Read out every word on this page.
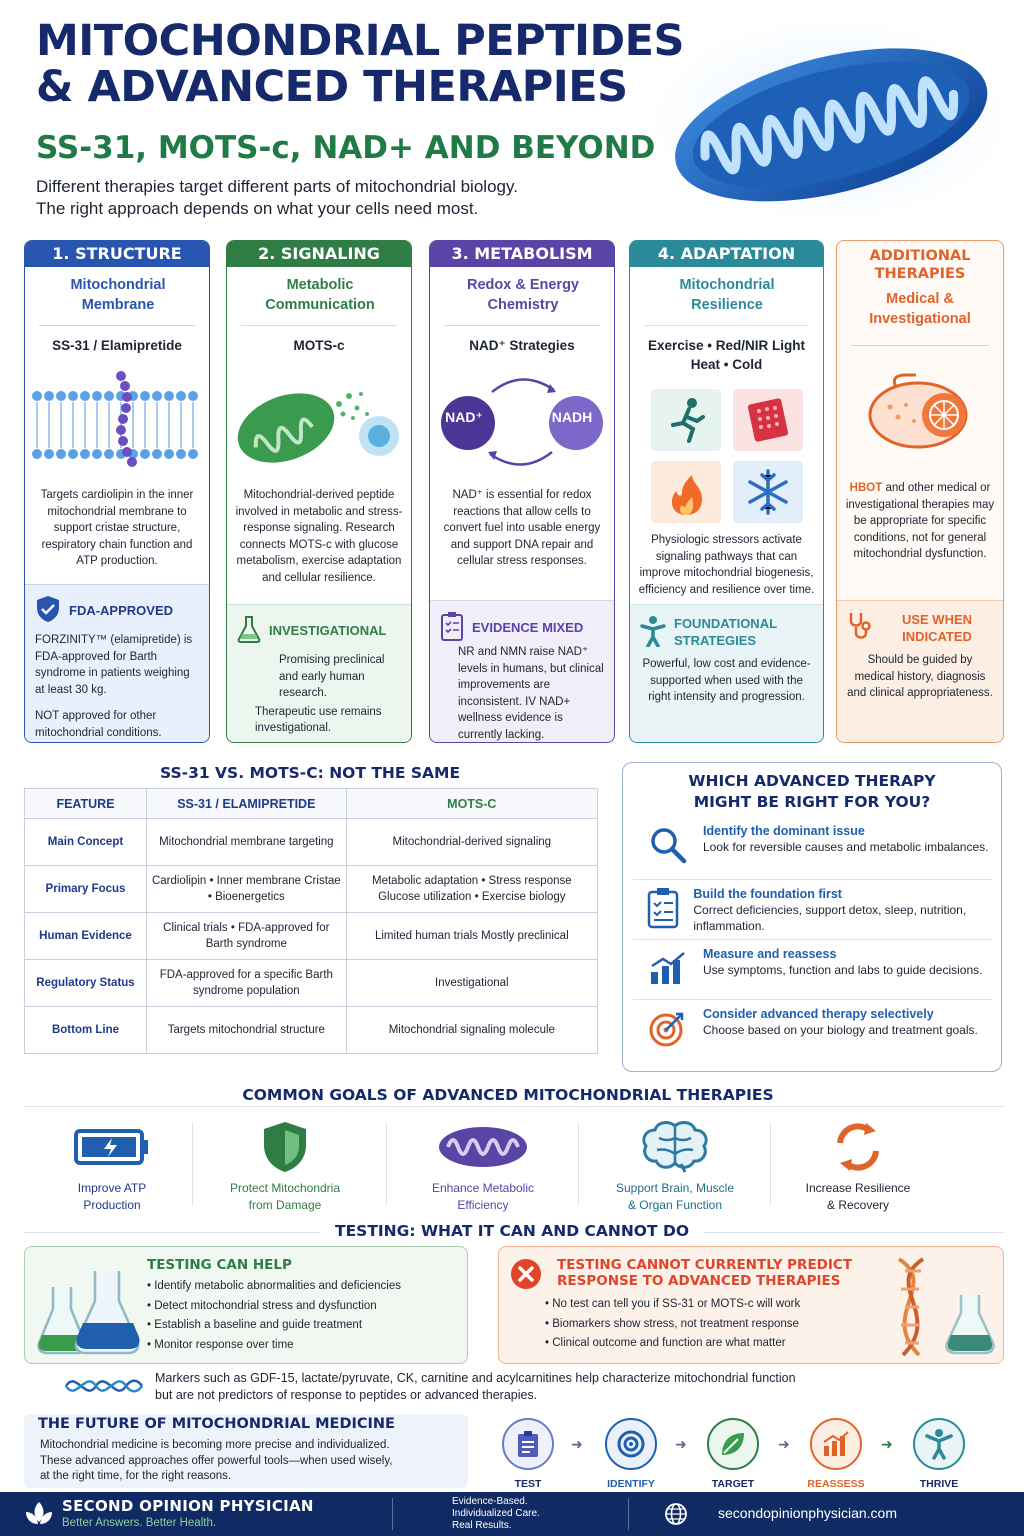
MITOCHONDRIAL PEPTIDES
& ADVANCED THERAPIES
SS-31, MOTS-c, NAD+ AND BEYOND
Different therapies target different parts of mitochondrial biology.
The right approach depends on what your cells need most.
1. STRUCTURE
Mitochondrial Membrane
SS-31 / Elamipretide
Targets cardiolipin in the inner mitochondrial membrane to support cristae structure, respiratory chain function and ATP production.
FDA-APPROVED
FORZINITY™ (elamipretide) is FDA-approved for Barth syndrome in patients weighing at least 30 kg.
NOT approved for other mitochondrial conditions.
2. SIGNALING
Metabolic Communication
MOTS-c
Mitochondrial-derived peptide involved in metabolic and stress-response signaling. Research connects MOTS-c with glucose metabolism, exercise adaptation and cellular resilience.
INVESTIGATIONAL
Promising preclinical and early human research.
Therapeutic use remains investigational.
3. METABOLISM
Redox & Energy Chemistry
NAD⁺ Strategies
NAD⁺	NADH
NAD⁺ is essential for redox reactions that allow cells to convert fuel into usable energy and support DNA repair and cellular stress responses.
EVIDENCE MIXED
NR and NMN raise NAD⁺ levels in humans, but clinical improvements are inconsistent. IV NAD+ wellness evidence is currently lacking.
4. ADAPTATION
Mitochondrial Resilience
Exercise • Red/NIR Light
Heat • Cold
Physiologic stressors activate signaling pathways that can improve mitochondrial biogenesis, efficiency and resilience over time.
FOUNDATIONAL STRATEGIES
Powerful, low cost and evidence-supported when used with the right intensity and progression.
ADDITIONAL THERAPIES
Medical & Investigational
HBOT and other medical or investigational therapies may be appropriate for specific conditions, not for general mitochondrial dysfunction.
USE WHEN INDICATED
Should be guided by medical history, diagnosis and clinical appropriateness.
SS-31 VS. MOTS-C: NOT THE SAME
FEATURE	SS-31 / ELAMIPRETIDE	MOTS-C
Main Concept	Mitochondrial membrane targeting	Mitochondrial-derived signaling
Primary Focus	Cardiolipin • Inner membrane Cristae • Bioenergetics	Metabolic adaptation • Stress response Glucose utilization • Exercise biology
Human Evidence	Clinical trials • FDA-approved for Barth syndrome	Limited human trials Mostly preclinical
Regulatory Status	FDA-approved for a specific Barth syndrome population	Investigational
Bottom Line	Targets mitochondrial structure	Mitochondrial signaling molecule
WHICH ADVANCED THERAPY
MIGHT BE RIGHT FOR YOU?
Identify the dominant issue
Look for reversible causes and metabolic imbalances.
Build the foundation first
Correct deficiencies, support detox, sleep, nutrition, inflammation.
Measure and reassess
Use symptoms, function and labs to guide decisions.
Consider advanced therapy selectively
Choose based on your biology and treatment goals.
COMMON GOALS OF ADVANCED MITOCHONDRIAL THERAPIES
Improve ATP
Production
Protect Mitochondria
from Damage
Enhance Metabolic
Efficiency
Support Brain, Muscle
& Organ Function
Increase Resilience
& Recovery
TESTING: WHAT IT CAN AND CANNOT DO
TESTING CAN HELP
• Identify metabolic abnormalities and deficiencies
• Detect mitochondrial stress and dysfunction
• Establish a baseline and guide treatment
• Monitor response over time
TESTING CANNOT CURRENTLY PREDICT
RESPONSE TO ADVANCED THERAPIES
• No test can tell you if SS-31 or MOTS-c will work
• Biomarkers show stress, not treatment response
• Clinical outcome and function are what matter
Markers such as GDF-15, lactate/pyruvate, CK, carnitine and acylcarnitines help characterize mitochondrial function
but are not predictors of response to peptides or advanced therapies.
THE FUTURE OF MITOCHONDRIAL MEDICINE
Mitochondrial medicine is becoming more precise and individualized.
These advanced approaches offer powerful tools—when used wisely,
at the right time, for the right reasons.
TEST
➜
IDENTIFY
➜
TARGET
➜
REASSESS
➜
THRIVE
SECOND OPINION PHYSICIAN
Better Answers. Better Health.
Evidence-Based.
Individualized Care.
Real Results.
secondopinionphysician.com
